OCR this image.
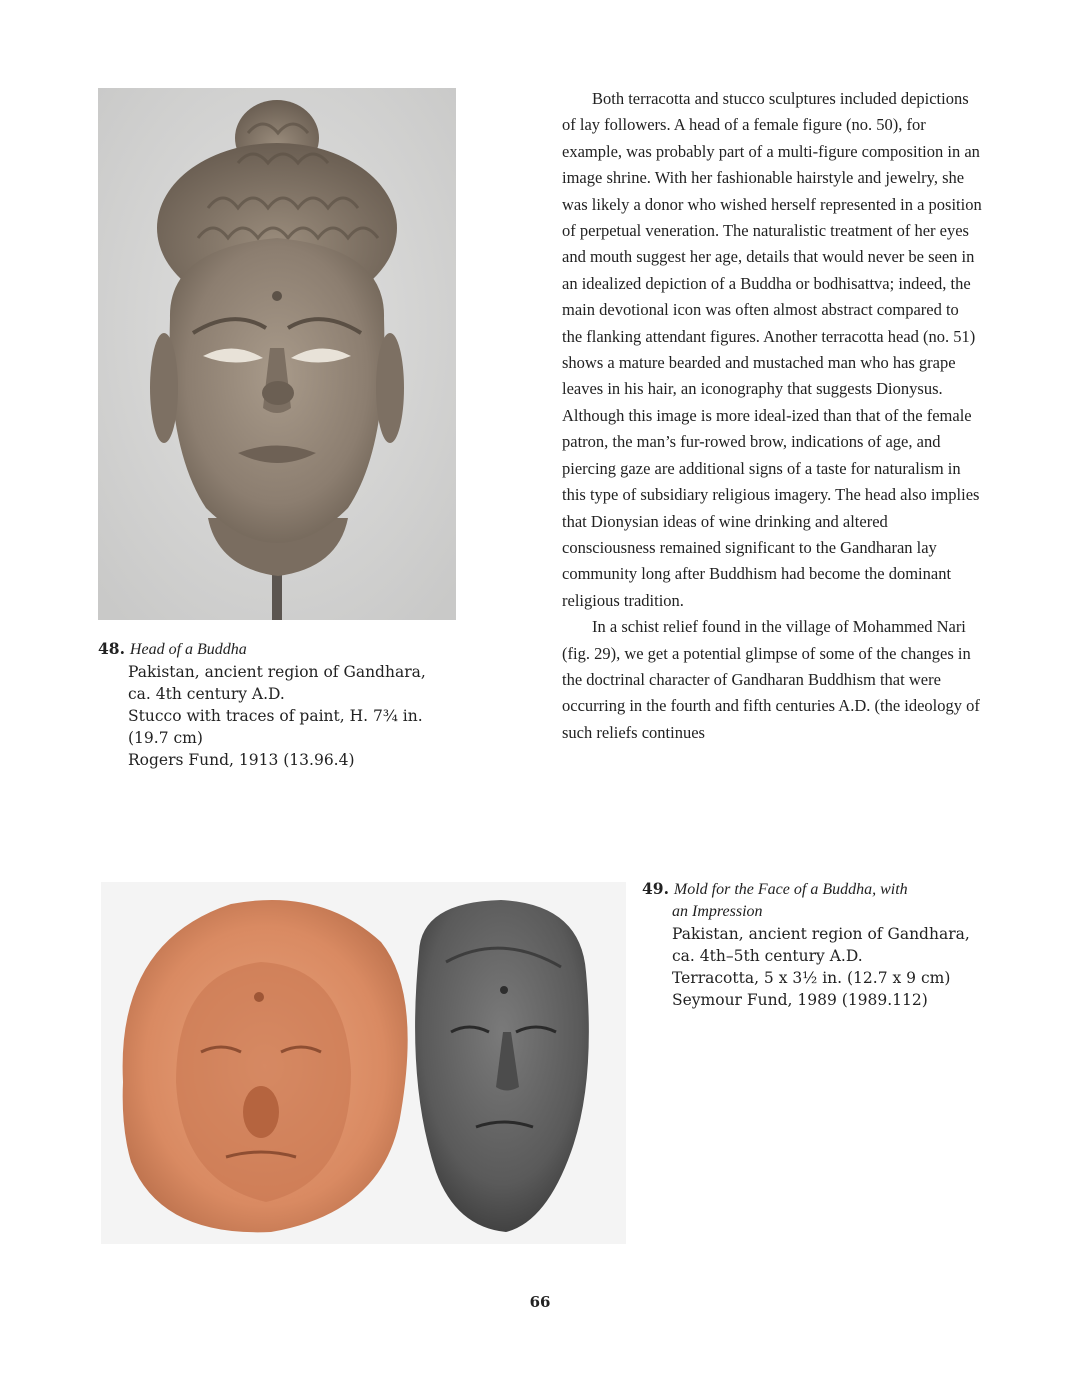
48. Head of a Buddha
Pakistan, ancient region of Gandhara,
ca. 4th century A.D.
Stucco with traces of paint, H. 7¾ in.
(19.7 cm)
Rogers Fund, 1913 (13.96.4)

Both terracotta and stucco sculptures included depictions of lay followers. A head of a female figure (no. 50), for example, was probably part of a multi-figure composition in an image shrine. With her fashionable hairstyle and jewelry, she was likely a donor who wished herself represented in a position of perpetual veneration. The naturalistic treatment of her eyes and mouth suggest her age, details that would never be seen in an idealized depiction of a Buddha or bodhisattva; indeed, the main devotional icon was often almost abstract compared to the flanking attendant figures. Another terracotta head (no. 51) shows a mature bearded and mustached man who has grape leaves in his hair, an iconography that suggests Dionysus. Although this image is more ideal-ized than that of the female patron, the man’s fur-rowed brow, indications of age, and piercing gaze are additional signs of a taste for naturalism in this type of subsidiary religious imagery. The head also implies that Dionysian ideas of wine drinking and altered consciousness remained significant to the Gandharan lay community long after Buddhism had become the dominant religious tradition.

In a schist relief found in the village of Mohammed Nari (fig. 29), we get a potential glimpse of some of the changes in the doctrinal character of Gandharan Buddhism that were occurring in the fourth and fifth centuries A.D. (the ideology of such reliefs continues

49. Mold for the Face of a Buddha, with
an Impression
Pakistan, ancient region of Gandhara,
ca. 4th–5th century A.D.
Terracotta, 5 x 3½ in. (12.7 x 9 cm)
Seymour Fund, 1989 (1989.112)
66
